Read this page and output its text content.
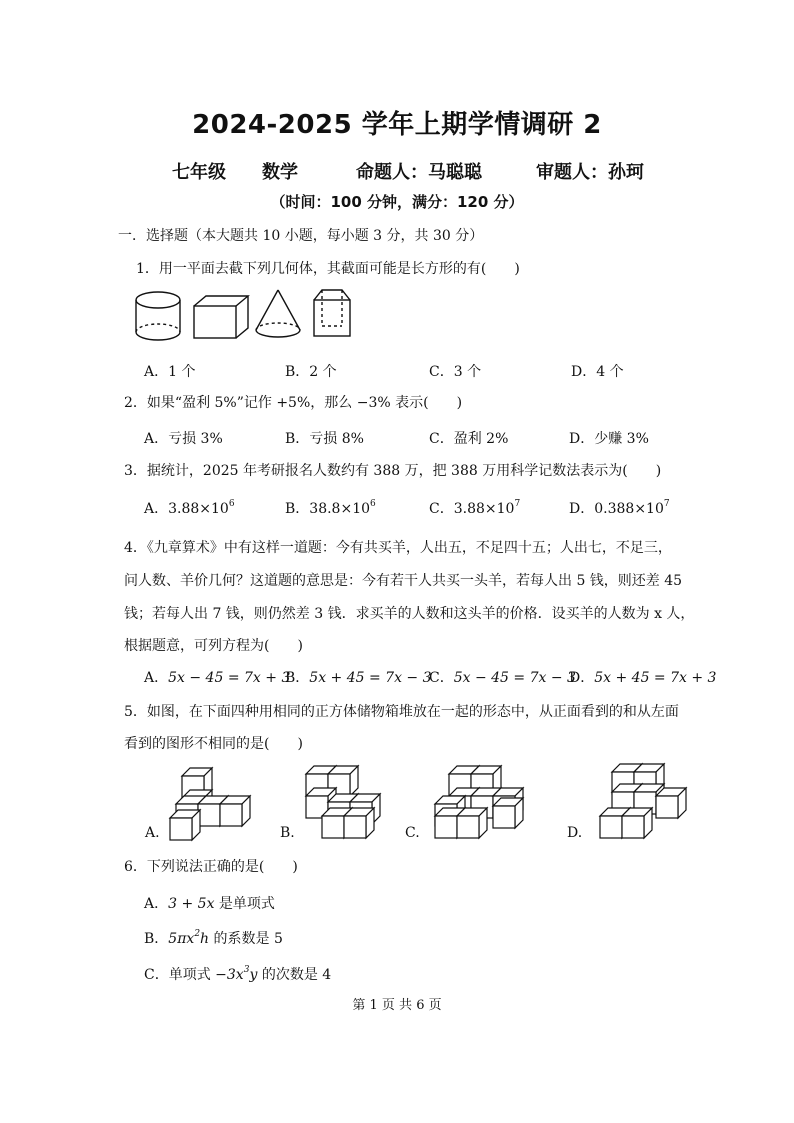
2024-2025 学年上期学情调研 2
七年级 数学	命题人：马聪聪	审题人：孙珂
（时间：100 分钟，满分：120 分）
一．选择题（本大题共 10 小题，每小题 3 分，共 30 分）
1．用一平面去截下列几何体，其截面可能是长方形的有(　　)
A．1 个	B．2 个	C．3 个	D．4 个
2．如果“盈利 5%”记作 +5%，那么 −3% 表示(　　)
A．亏损 3%	B．亏损 8%	C．盈利 2%	D．少赚 3%
3．据统计，2025 年考研报名人数约有 388 万，把 388 万用科学记数法表示为(　　)
A．$3.88\times 10^6$	B．$38.8\times 10^6$	C．$3.88\times 10^7$	D．$0.388\times 10^7$
4．《九章算术》中有这样一道题：今有共买羊，人出五，不足四十五；人出七，不足三，
问人数、羊价几何？这道题的意思是：今有若干人共买一头羊，若每人出 5 钱，则还差 45
钱；若每人出 7 钱，则仍然差 3 钱．求买羊的人数和这头羊的价格．设买羊的人数为 x 人，
根据题意，可列方程为(　　)
A．5x − 45 = 7x + 3
B．5x + 45 = 7x − 3
C．5x − 45 = 7x − 3
D．5x + 45 = 7x + 3
5．如图，在下面四种用相同的正方体储物箱堆放在一起的形态中，从正面看到的和从左面
看到的图形不相同的是(　　)
A.	B.	C.	D.
6．下列说法正确的是(　　)
A．3 + 5x 是单项式
B．$5\pi x^2h$ 的系数是 5
C．单项式 $-3x^3y$ 的次数是 4
第 1 页 共 6 页
